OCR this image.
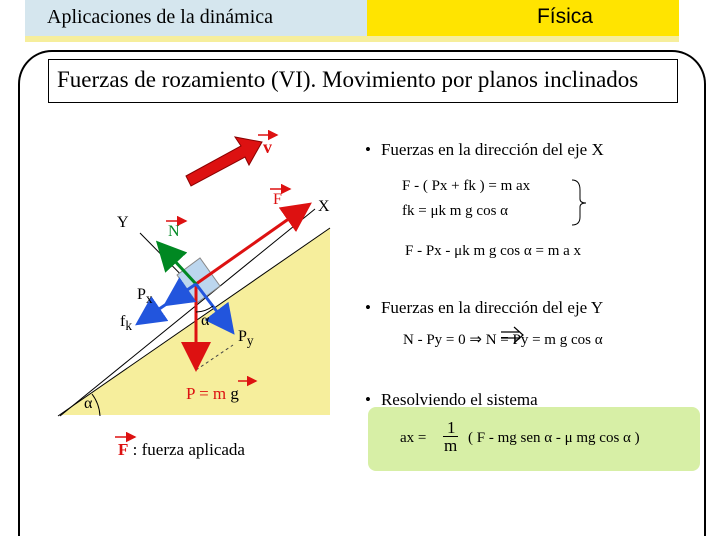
Aplicaciones de la dinámica	Física
Fuerzas de rozamiento (VI). Movimiento por planos inclinados
v
F
N
Y
X
$P_x$
$f_k$
$P_y$
α
α
P = m g
F : fuerza aplicada
• Fuerzas en la dirección del eje X
F - ( Px + fk ) = m ax
fk = μk m g cos α
F - Px - μk m g cos α = m a x
• Fuerzas en la dirección del eje Y
N - Py = 0 ⇒ N = Py = m g cos α
• Resolviendo el sistema
ax =
1
m ( F - mg sen α - μ mg cos α )
